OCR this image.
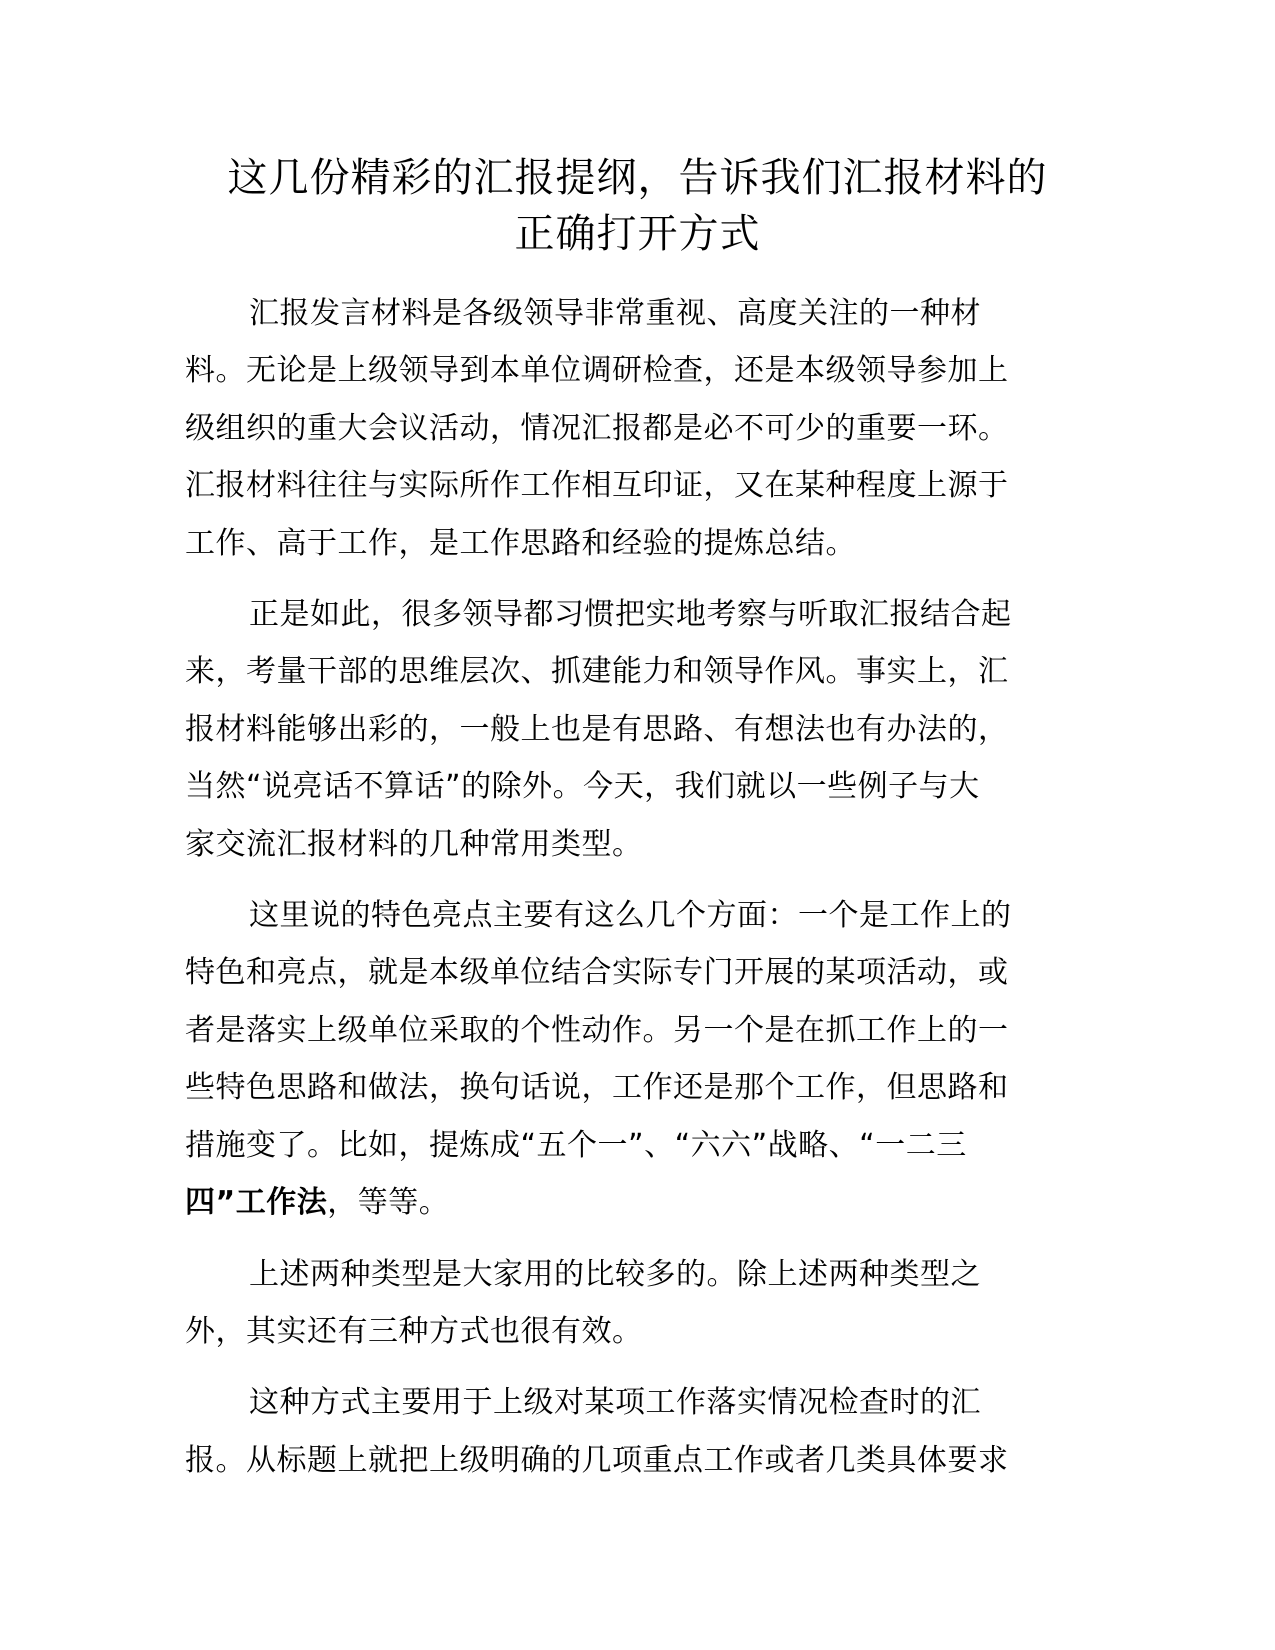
这几份精彩的汇报提纲，告诉我们汇报材料的
正确打开方式

汇报发言材料是各级领导非常重视、高度关注的一种材
料。无论是上级领导到本单位调研检查，还是本级领导参加上
级组织的重大会议活动，情况汇报都是必不可少的重要一环。
汇报材料往往与实际所作工作相互印证，又在某种程度上源于
工作、高于工作，是工作思路和经验的提炼总结。

正是如此，很多领导都习惯把实地考察与听取汇报结合起
来，考量干部的思维层次、抓建能力和领导作风。事实上，汇
报材料能够出彩的，一般上也是有思路、有想法也有办法的，
当然“说亮话不算话”的除外。今天，我们就以一些例子与大
家交流汇报材料的几种常用类型。

这里说的特色亮点主要有这么几个方面：一个是工作上的
特色和亮点，就是本级单位结合实际专门开展的某项活动，或
者是落实上级单位采取的个性动作。另一个是在抓工作上的一
些特色思路和做法，换句话说，工作还是那个工作，但思路和
措施变了。比如，提炼成“五个一”、“六六”战略、“一二三
四”工作法，等等。

上述两种类型是大家用的比较多的。除上述两种类型之
外，其实还有三种方式也很有效。

这种方式主要用于上级对某项工作落实情况检查时的汇
报。从标题上就把上级明确的几项重点工作或者几类具体要求
